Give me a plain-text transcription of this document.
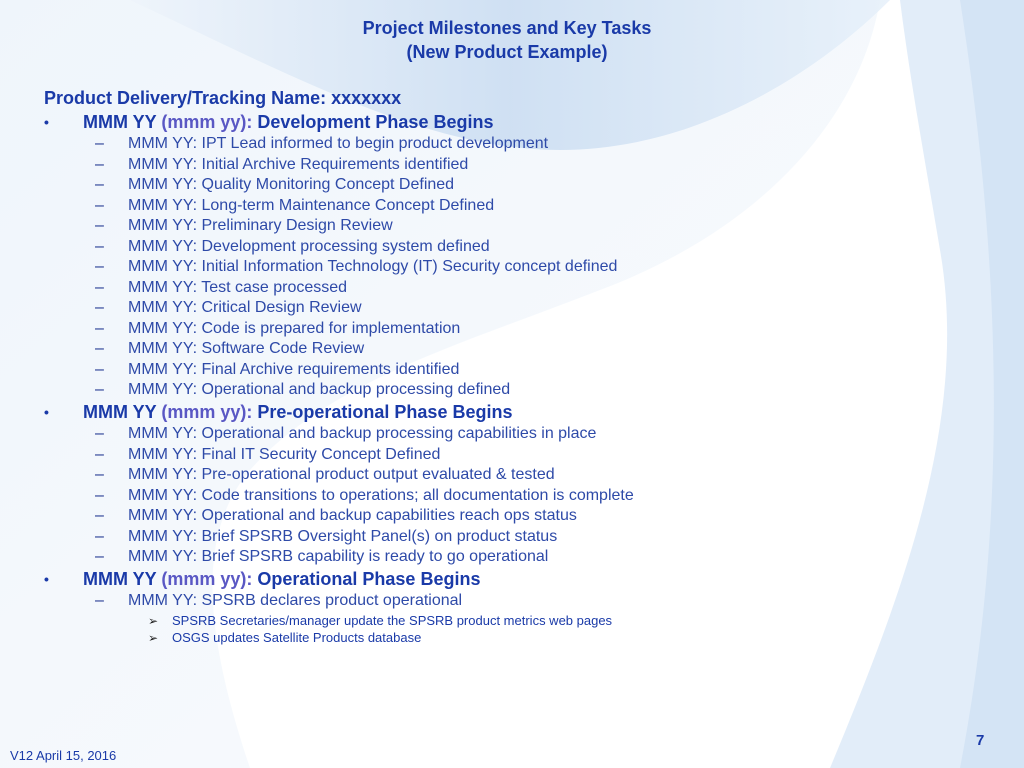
Project Milestones and Key Tasks
(New Product Example)
Product Delivery/Tracking Name: xxxxxxx
• MMM YY (mmm yy): Development Phase Begins
– MMM YY: IPT Lead informed to begin product development
– MMM YY: Initial Archive Requirements identified
– MMM YY: Quality Monitoring Concept Defined
– MMM YY: Long-term Maintenance Concept Defined
– MMM YY: Preliminary Design Review
– MMM YY: Development processing system defined
– MMM YY: Initial Information Technology (IT) Security concept defined
– MMM YY: Test case processed
– MMM YY: Critical Design Review
– MMM YY: Code is prepared for implementation
– MMM YY: Software Code Review
– MMM YY: Final Archive requirements identified
– MMM YY: Operational and backup processing defined
• MMM YY (mmm yy): Pre-operational Phase Begins
– MMM YY: Operational and backup processing capabilities in place
– MMM YY: Final IT Security Concept Defined
– MMM YY: Pre-operational product output evaluated & tested
– MMM YY: Code transitions to operations; all documentation is complete
– MMM YY: Operational and backup capabilities reach ops status
– MMM YY: Brief SPSRB Oversight Panel(s) on product status
– MMM YY: Brief SPSRB capability is ready to go operational
• MMM YY (mmm yy): Operational Phase Begins
– MMM YY: SPSRB declares product operational
➢ SPSRB Secretaries/manager update the SPSRB product metrics web pages
➢ OSGS updates Satellite Products database
V12 April 15, 2016
7
